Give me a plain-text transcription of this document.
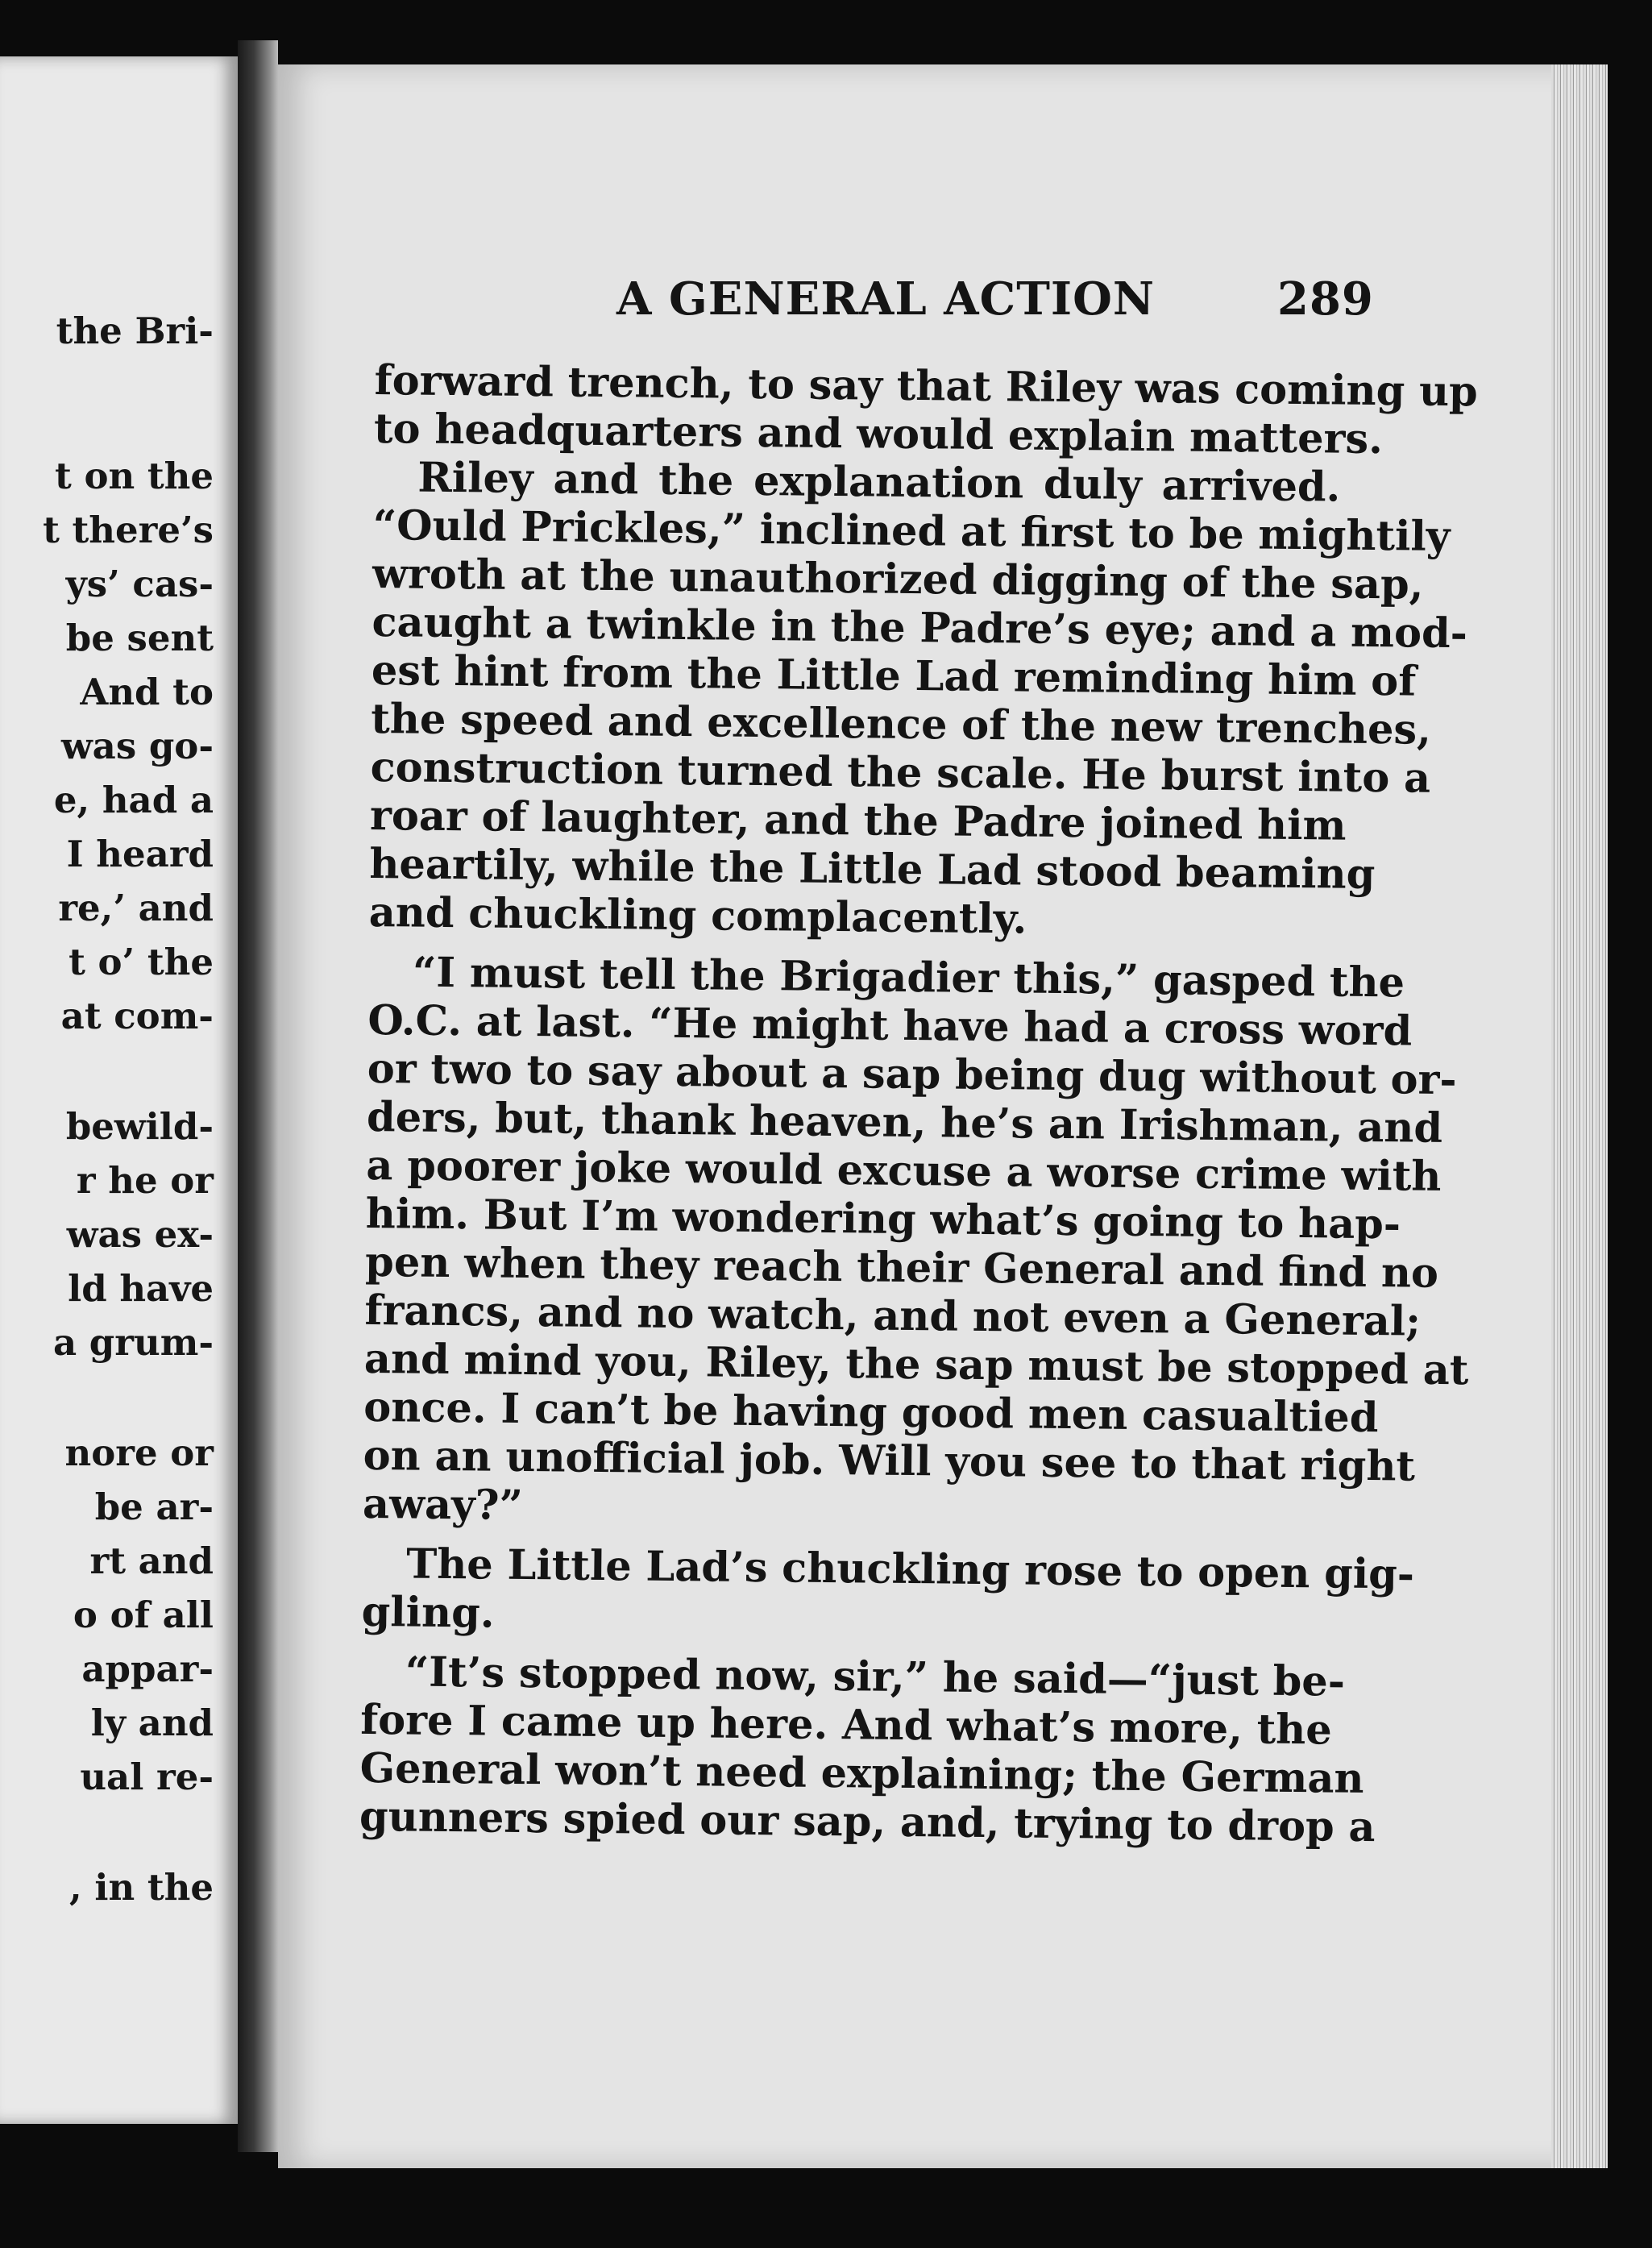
the Bri-
t on the
t there’s
ys’ cas-
be sent
And to
was go-
e, had a
I heard
re,’ and
t o’ the
at com-
bewild-
r he or
was ex-
ld have
a grum-
nore or
be ar-
rt and
o of all
appar-
ly and
ual re-
, in the
A GENERAL ACTION	289
forward trench, to say that Riley was coming up
to headquarters and would explain matters.
Riley and the explanation duly arrived.
“Ould Prickles,” inclined at first to be mightily
wroth at the unauthorized digging of the sap,
caught a twinkle in the Padre’s eye; and a mod-
est hint from the Little Lad reminding him of
the speed and excellence of the new trenches,
construction turned the scale. He burst into a
roar of laughter, and the Padre joined him
heartily, while the Little Lad stood beaming
and chuckling complacently.
“I must tell the Brigadier this,” gasped the
O.C. at last. “He might have had a cross word
or two to say about a sap being dug without or-
ders, but, thank heaven, he’s an Irishman, and
a poorer joke would excuse a worse crime with
him. But I’m wondering what’s going to hap-
pen when they reach their General and find no
francs, and no watch, and not even a General;
and mind you, Riley, the sap must be stopped at
once. I can’t be having good men casualtied
on an unofficial job. Will you see to that right
away?”
The Little Lad’s chuckling rose to open gig-
gling.
“It’s stopped now, sir,” he said—“just be-
fore I came up here. And what’s more, the
General won’t need explaining; the German
gunners spied our sap, and, trying to drop a
